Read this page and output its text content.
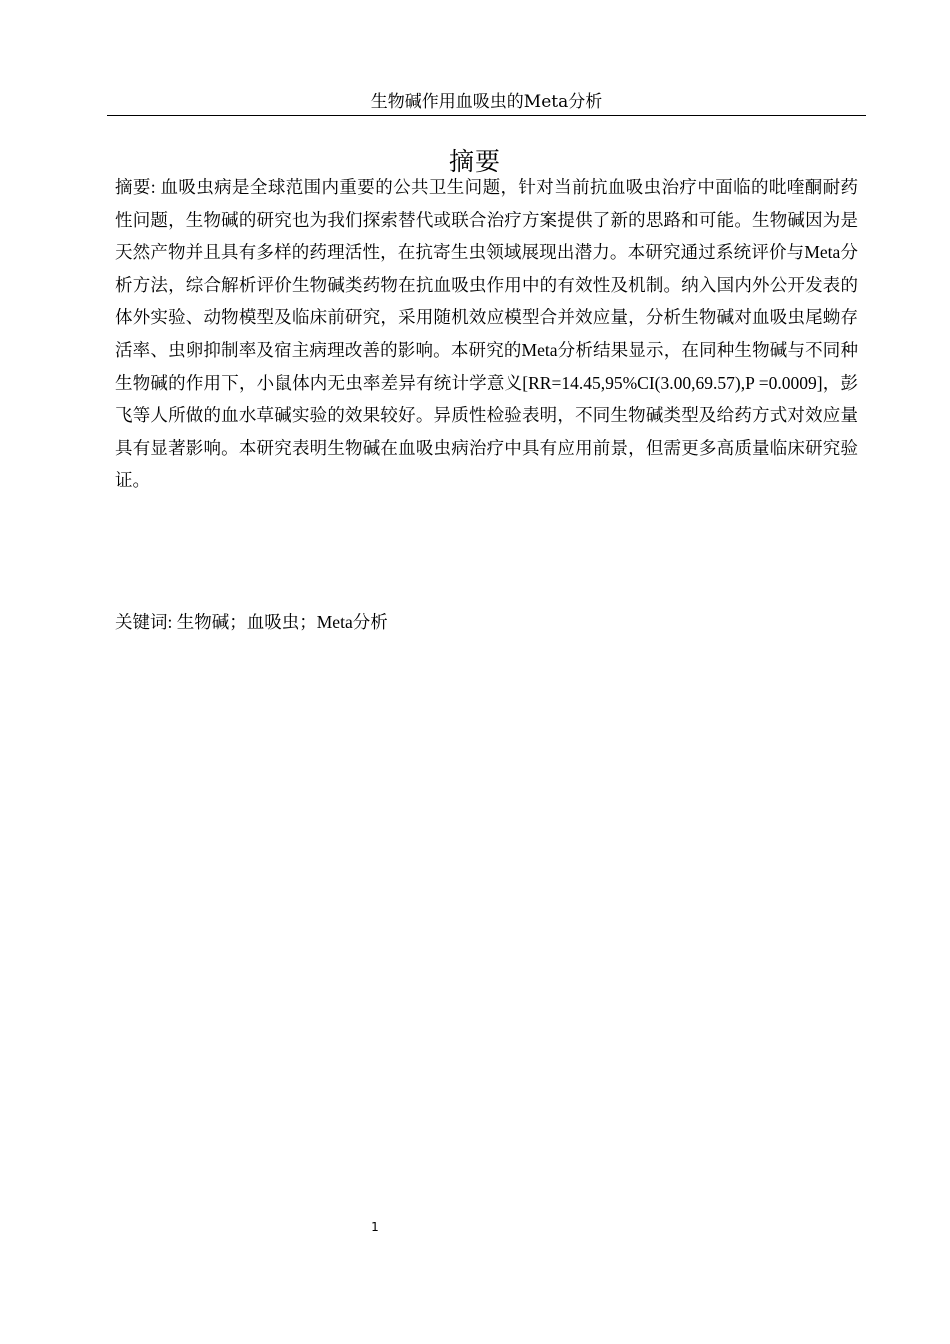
生物碱作用血吸虫的Meta分析
摘要

摘要: 血吸虫病是全球范围内重要的公共卫生问题，针对当前抗血吸虫治疗中面临的吡喹酮耐药性问题，生物碱的研究也为我们探索替代或联合治疗方案提供了新的思路和可能。生物碱因为是天然产物并且具有多样的药理活性，在抗寄生虫领域展现出潜力。本研究通过系统评价与Meta分析方法，综合解析评价生物碱类药物在抗血吸虫作用中的有效性及机制。纳入国内外公开发表的体外实验、动物模型及临床前研究，采用随机效应模型合并效应量，分析生物碱对血吸虫尾蚴存活率、虫卵抑制率及宿主病理改善的影响。本研究的Meta分析结果显示，在同种生物碱与不同种生物碱的作用下，小鼠体内无虫率差异有统计学意义[RR=14.45,95%CI(3.00,69.57),P =0.0009]，彭飞等人所做的血水草碱实验的效果较好。异质性检验表明，不同生物碱类型及给药方式对效应量具有显著影响。本研究表明生物碱在血吸虫病治疗中具有应用前景，但需更多高质量临床研究验证。

关键词: 生物碱；血吸虫；Meta分析

1
